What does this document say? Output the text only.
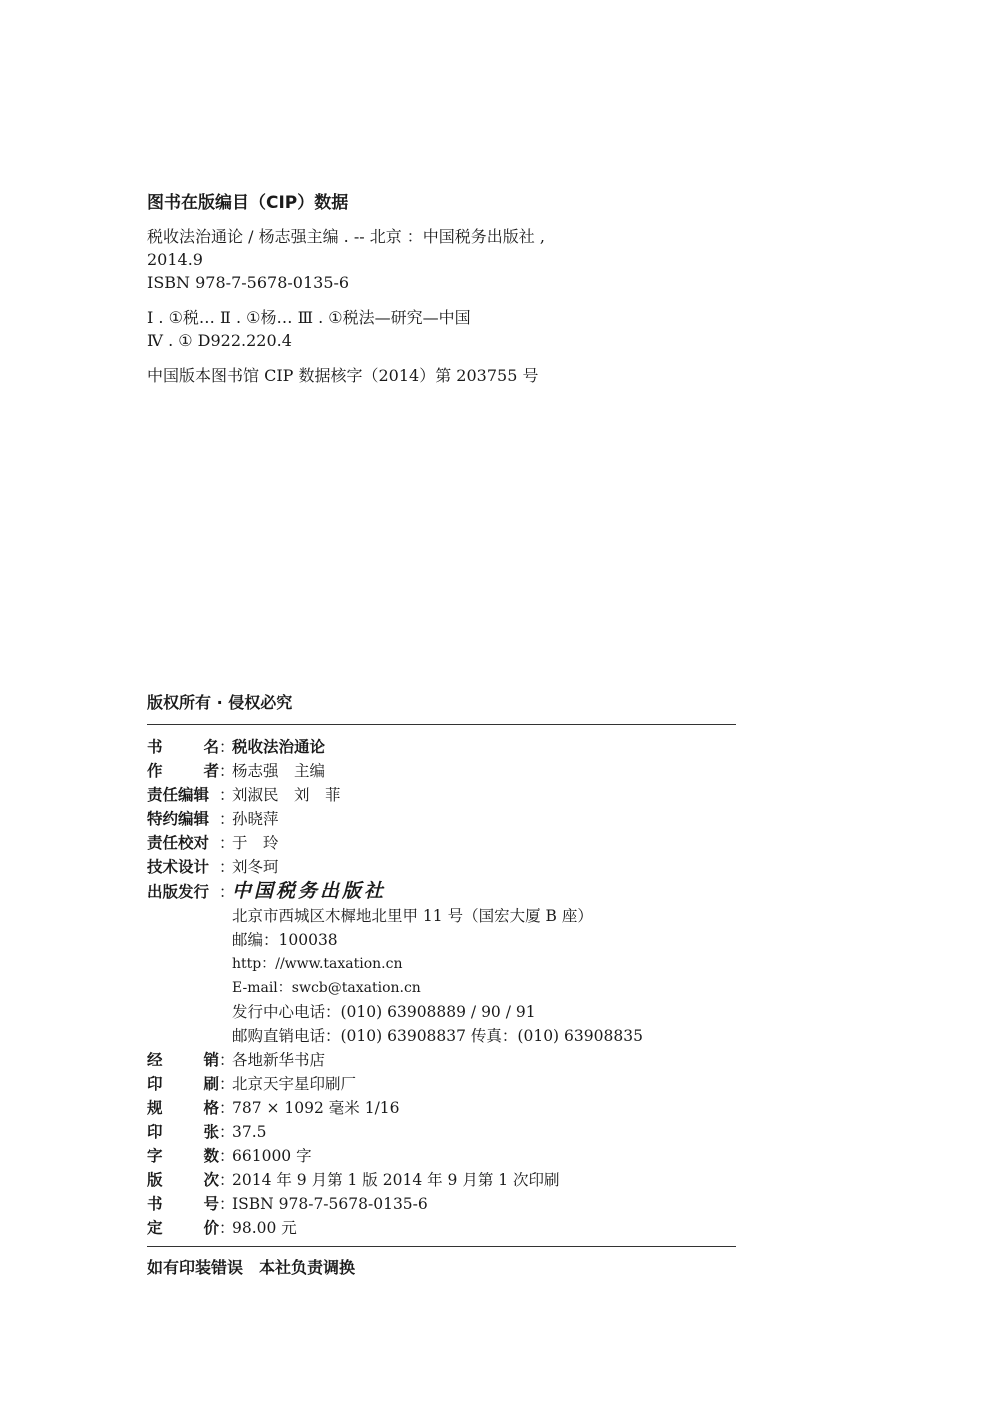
图书在版编目（CIP）数据
税收法治通论 / 杨志强主编 . -- 北京 ：中国税务出版社 ,
2014.9
ISBN 978-7-5678-0135-6
Ⅰ . ①税… Ⅱ . ①杨… Ⅲ . ①税法—研究—中国
Ⅳ . ① D922.220.4
中国版本图书馆 CIP 数据核字（2014）第 203755 号
版权所有 · 侵权必究
书	名 ：
税收法治通论
作	者 ：
杨志强　主编
责任编辑 ：
刘淑民　刘　菲
特约编辑 ：
孙晓萍
责任校对 ：
于　玲
技术设计 ：
刘冬珂
出版发行 ：
中国税务出版社
北京市西城区木樨地北里甲 11 号（国宏大厦 B 座）
邮编：100038
http：//www.taxation.cn
E-mail：swcb@taxation.cn
发行中心电话：(010) 63908889 / 90 / 91
邮购直销电话：(010) 63908837 传真：(010) 63908835
经	销 ：
各地新华书店
印	刷 ：
北京天宇星印刷厂
规	格 ：
787 × 1092 毫米 1/16
印	张 ：
37.5
字	数 ：
661000 字
版	次 ：
2014 年 9 月第 1 版 2014 年 9 月第 1 次印刷
书	号 ：
ISBN 978-7-5678-0135-6
定	价 ：
98.00 元
如有印装错误　本社负责调换
